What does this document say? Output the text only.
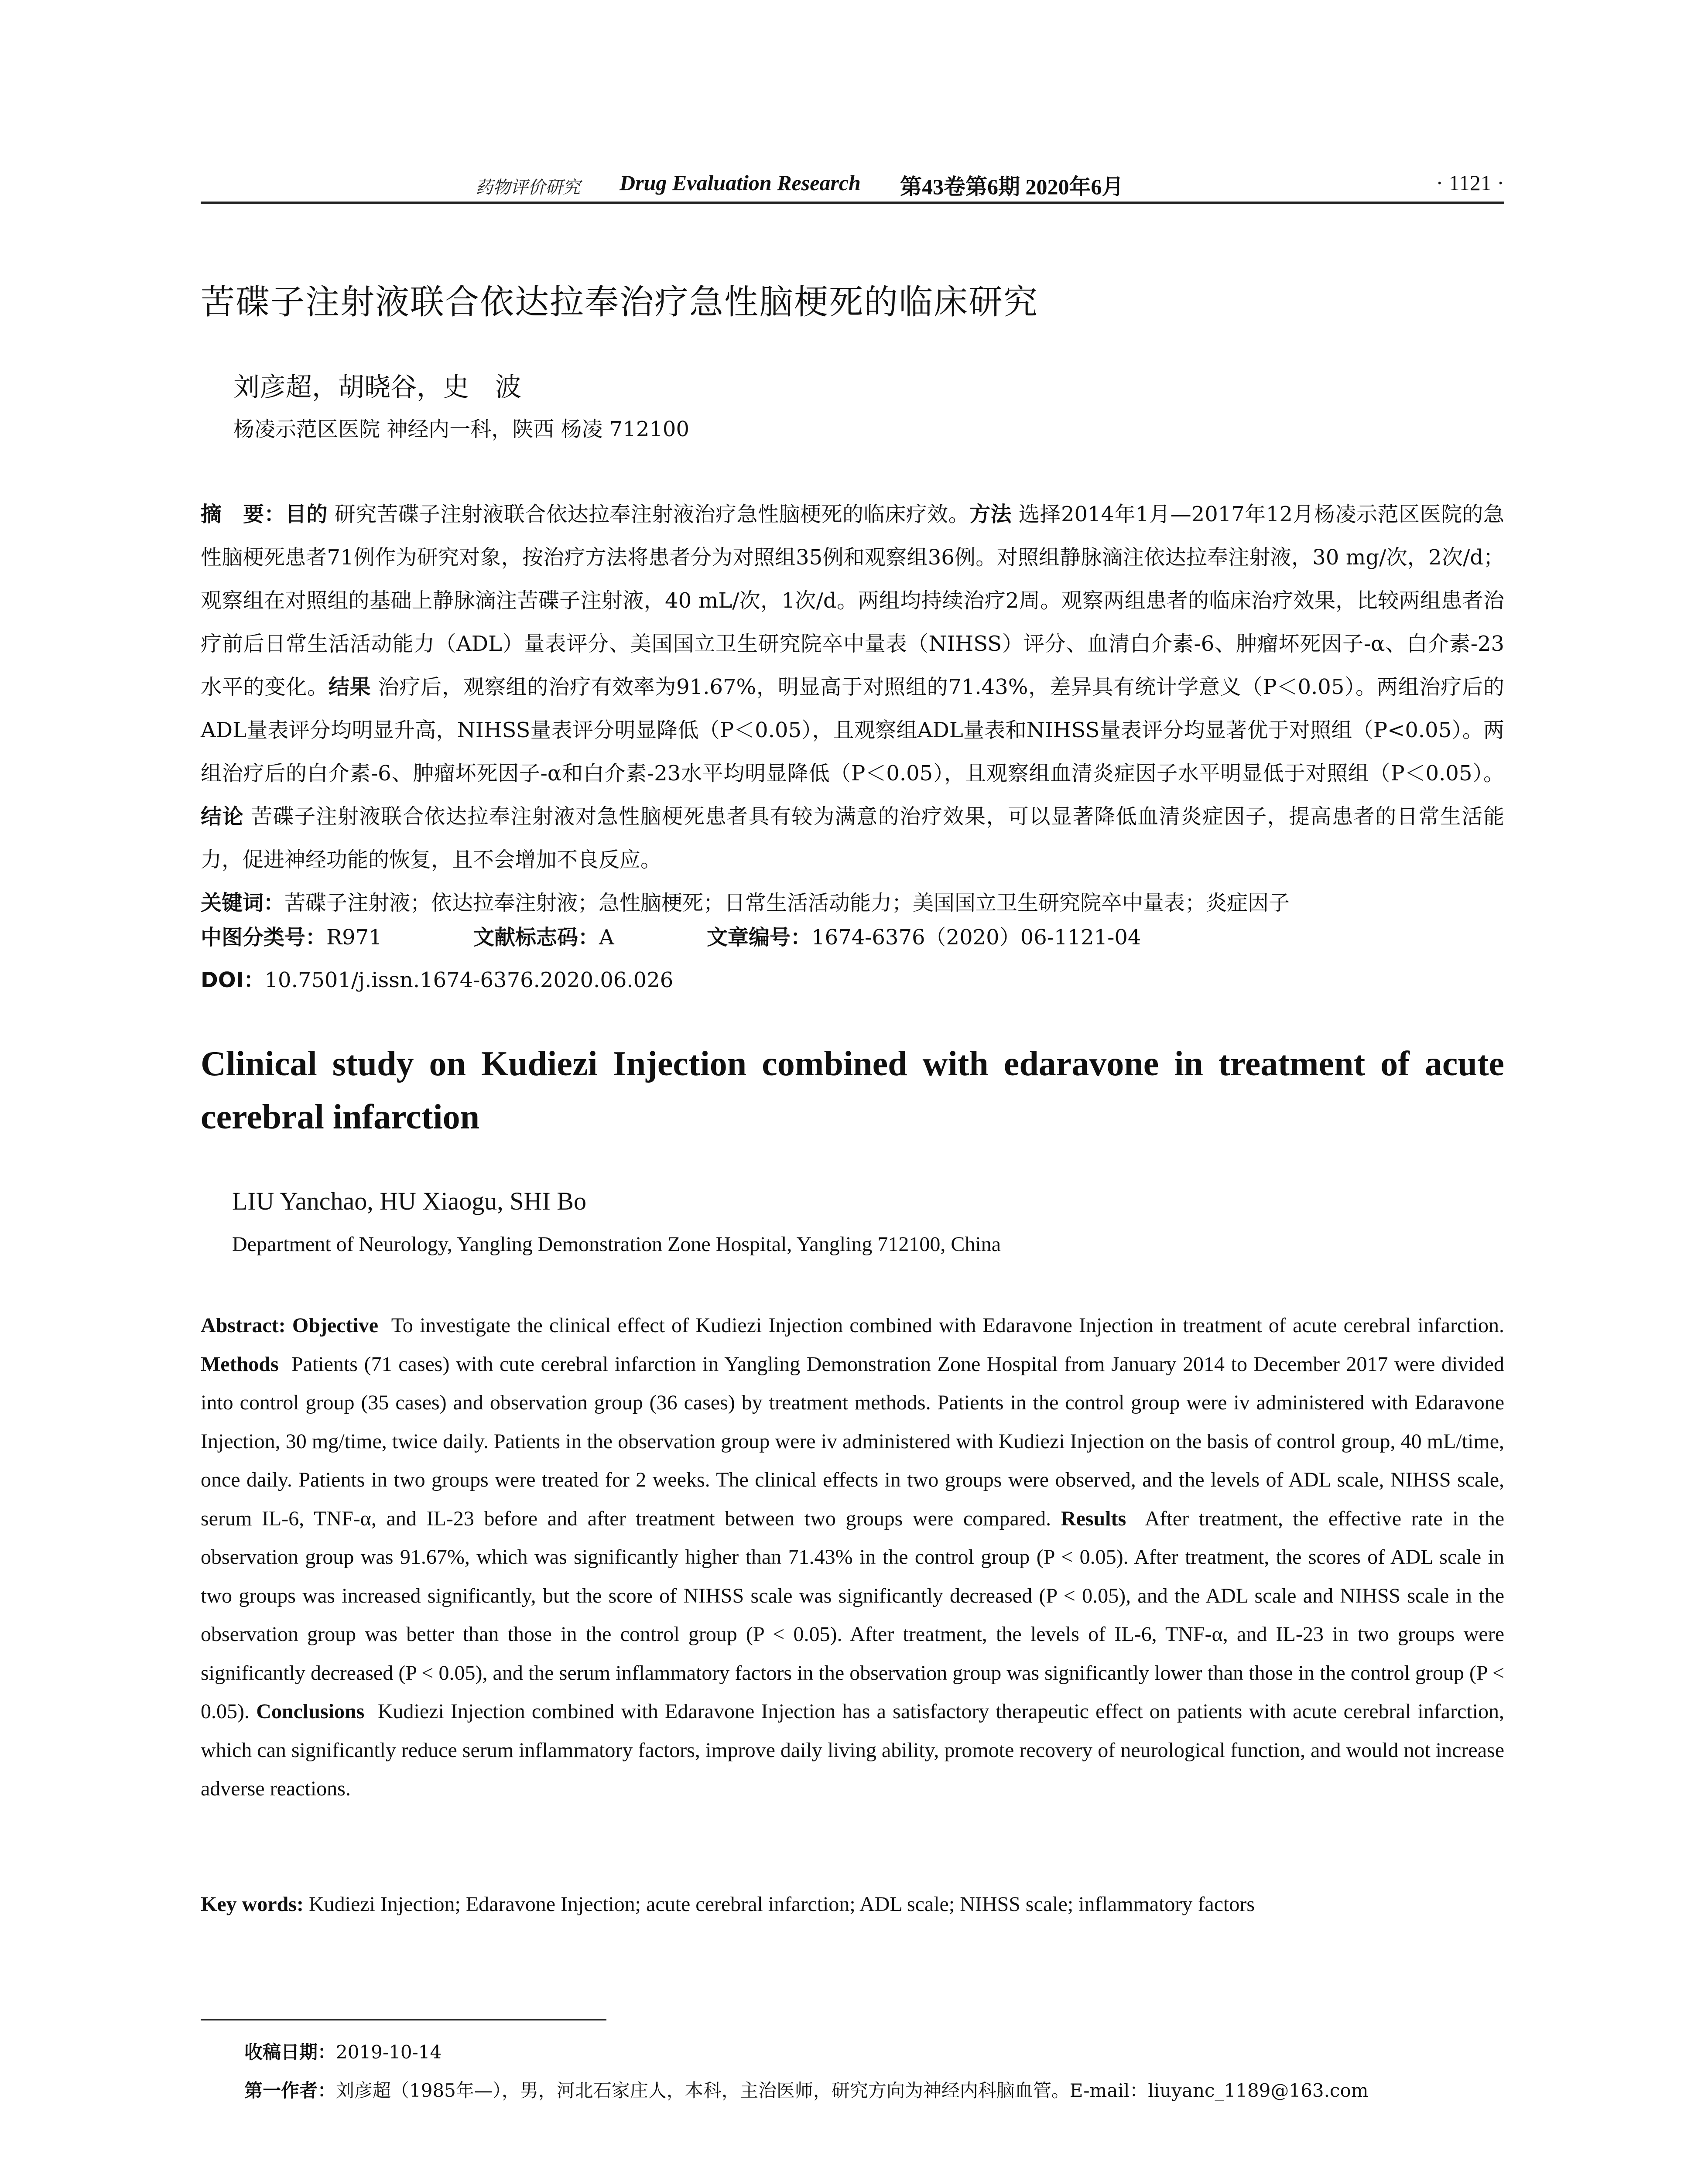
药物评价研究 Drug Evaluation Research 第43卷第6期 2020年6月	· 1121 ·
苦碟子注射液联合依达拉奉治疗急性脑梗死的临床研究
刘彦超，胡晓谷，史　波
杨凌示范区医院 神经内一科，陕西 杨凌 712100
摘　要：目的 研究苦碟子注射液联合依达拉奉注射液治疗急性脑梗死的临床疗效。方法 选择2014年1月—2017年12月杨凌示范区医院的急性脑梗死患者71例作为研究对象，按治疗方法将患者分为对照组35例和观察组36例。对照组静脉滴注依达拉奉注射液，30 mg/次，2次/d；观察组在对照组的基础上静脉滴注苦碟子注射液，40 mL/次，1次/d。两组均持续治疗2周。观察两组患者的临床治疗效果，比较两组患者治疗前后日常生活活动能力（ADL）量表评分、美国国立卫生研究院卒中量表（NIHSS）评分、血清白介素-6、肿瘤坏死因子-α、白介素-23水平的变化。结果 治疗后，观察组的治疗有效率为91.67%，明显高于对照组的71.43%，差异具有统计学意义（P＜0.05）。两组治疗后的ADL量表评分均明显升高，NIHSS量表评分明显降低（P＜0.05），且观察组ADL量表和NIHSS量表评分均显著优于对照组（P<0.05）。两组治疗后的白介素-6、肿瘤坏死因子-α和白介素-23水平均明显降低（P＜0.05），且观察组血清炎症因子水平明显低于对照组（P＜0.05）。结论 苦碟子注射液联合依达拉奉注射液对急性脑梗死患者具有较为满意的治疗效果，可以显著降低血清炎症因子，提高患者的日常生活能力，促进神经功能的恢复，且不会增加不良反应。
关键词：苦碟子注射液；依达拉奉注射液；急性脑梗死；日常生活活动能力；美国国立卫生研究院卒中量表；炎症因子
中图分类号：R971	文献标志码：A	文章编号：1674-6376（2020）06-1121-04
DOI：10.7501/j.issn.1674-6376.2020.06.026
Clinical study on Kudiezi Injection combined with edaravone in treatment of acute cerebral infarction
LIU Yanchao, HU Xiaogu, SHI Bo
Department of Neurology, Yangling Demonstration Zone Hospital, Yangling 712100, China
Abstract: Objective To investigate the clinical effect of Kudiezi Injection combined with Edaravone Injection in treatment of acute cerebral infarction. Methods Patients (71 cases) with cute cerebral infarction in Yangling Demonstration Zone Hospital from January 2014 to December 2017 were divided into control group (35 cases) and observation group (36 cases) by treatment methods. Patients in the control group were iv administered with Edaravone Injection, 30 mg/time, twice daily. Patients in the observation group were iv administered with Kudiezi Injection on the basis of control group, 40 mL/time, once daily. Patients in two groups were treated for 2 weeks. The clinical effects in two groups were observed, and the levels of ADL scale, NIHSS scale, serum IL-6, TNF-α, and IL-23 before and after treatment between two groups were compared. Results After treatment, the effective rate in the observation group was 91.67%, which was significantly higher than 71.43% in the control group (P < 0.05). After treatment, the scores of ADL scale in two groups was increased significantly, but the score of NIHSS scale was significantly decreased (P < 0.05), and the ADL scale and NIHSS scale in the observation group was better than those in the control group (P < 0.05). After treatment, the levels of IL-6, TNF-α, and IL-23 in two groups were significantly decreased (P < 0.05), and the serum inflammatory factors in the observation group was significantly lower than those in the control group (P < 0.05). Conclusions Kudiezi Injection combined with Edaravone Injection has a satisfactory therapeutic effect on patients with acute cerebral infarction, which can significantly reduce serum inflammatory factors, improve daily living ability, promote recovery of neurological function, and would not increase adverse reactions.
Key words: Kudiezi Injection; Edaravone Injection; acute cerebral infarction; ADL scale; NIHSS scale; inflammatory factors
收稿日期：2019-10-14
第一作者：刘彦超（1985年—），男，河北石家庄人，本科，主治医师，研究方向为神经内科脑血管。E-mail：liuyanc_1189@163.com
